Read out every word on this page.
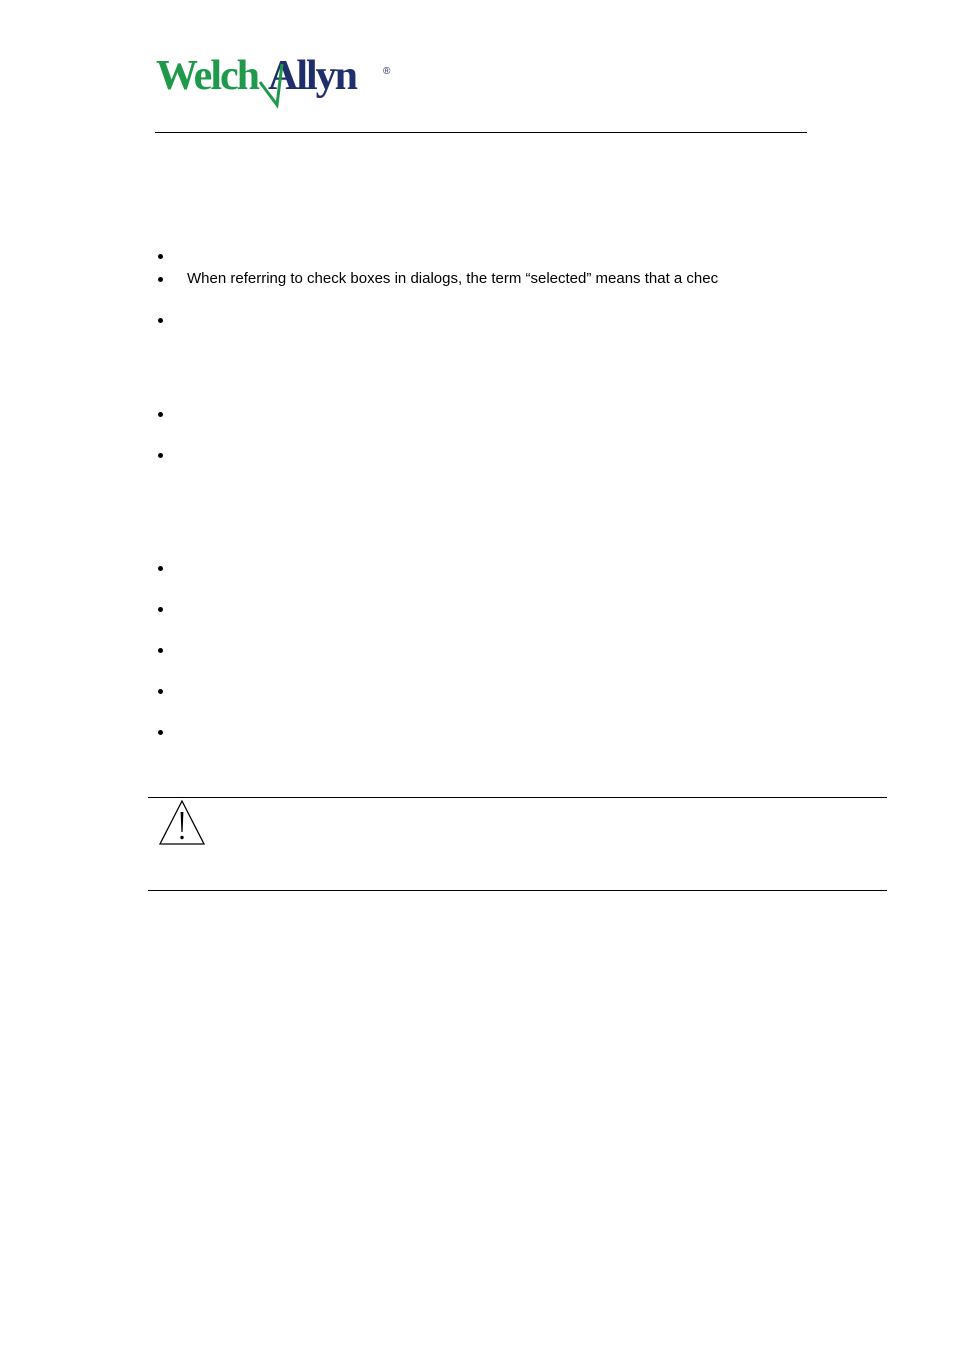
Welch Allyn	®
When referring to check boxes in dialogs, the term “selected” means that a chec
